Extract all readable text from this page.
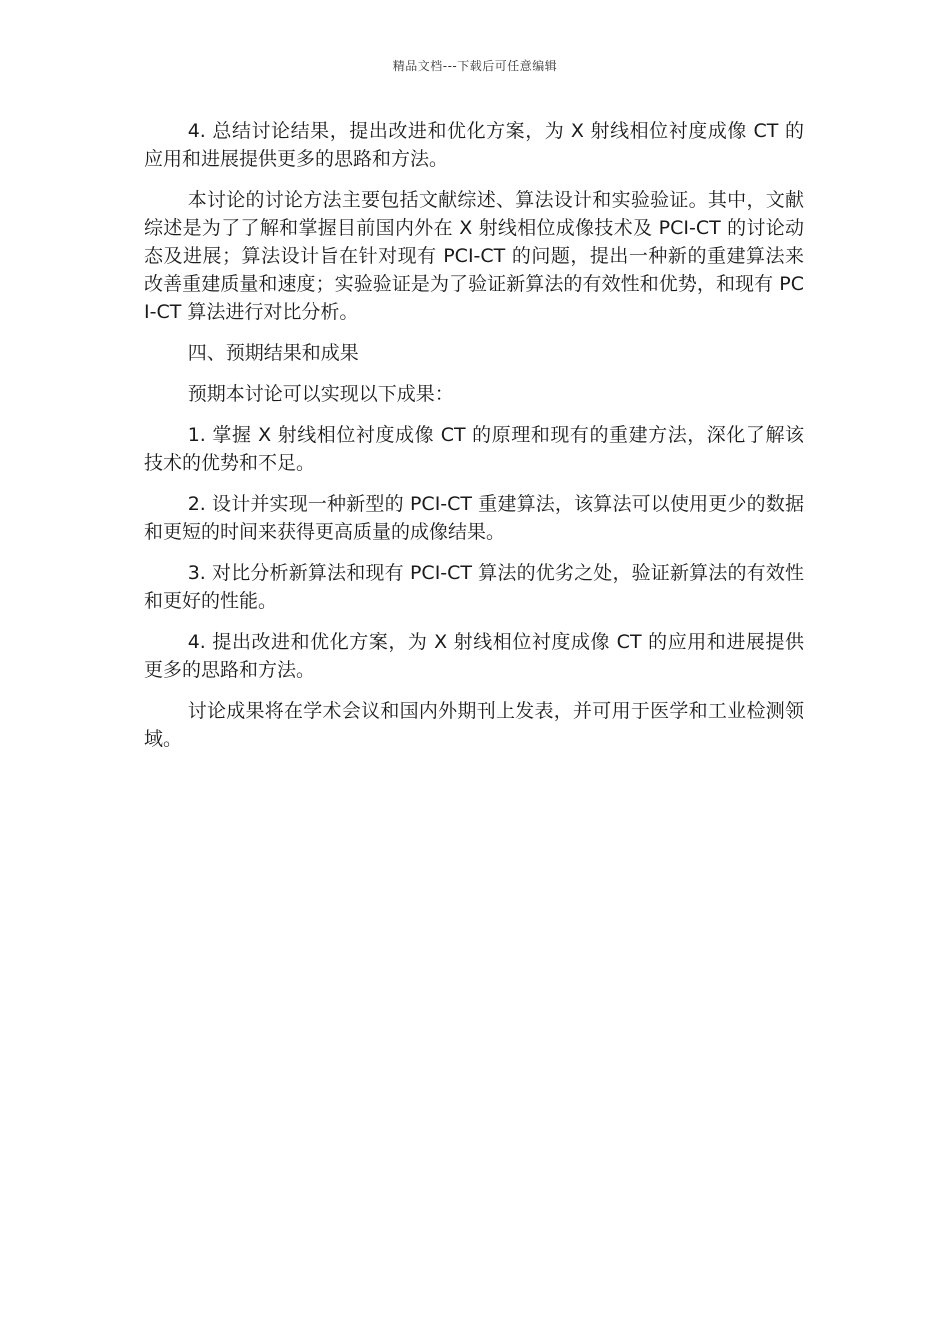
精品文档---下载后可任意编辑

4. 总结讨论结果，提出改进和优化方案，为 X 射线相位衬度成像 CT 的应用和进展提供更多的思路和方法。

本讨论的讨论方法主要包括文献综述、算法设计和实验验证。其中，文献综述是为了了解和掌握目前国内外在 X 射线相位成像技术及 PCI-CT 的讨论动态及进展；算法设计旨在针对现有 PCI-CT 的问题，提出一种新的重建算法来改善重建质量和速度；实验验证是为了验证新算法的有效性和优势，和现有 PCI-CT 算法进行对比分析。

四、预期结果和成果

预期本讨论可以实现以下成果：

1. 掌握 X 射线相位衬度成像 CT 的原理和现有的重建方法，深化了解该技术的优势和不足。

2. 设计并实现一种新型的 PCI-CT 重建算法，该算法可以使用更少的数据和更短的时间来获得更高质量的成像结果。

3. 对比分析新算法和现有 PCI-CT 算法的优劣之处，验证新算法的有效性和更好的性能。

4. 提出改进和优化方案，为 X 射线相位衬度成像 CT 的应用和进展提供更多的思路和方法。

讨论成果将在学术会议和国内外期刊上发表，并可用于医学和工业检测领域。
